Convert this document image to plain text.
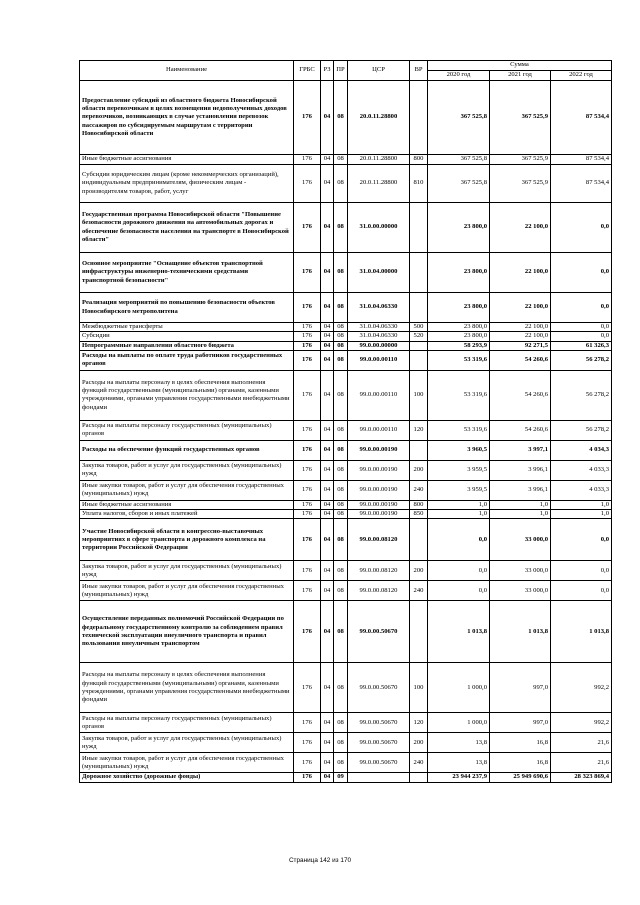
Наименование	ГРБС	РЗ	ПР	ЦСР	ВР	Сумма		
						2020 год	2021 год	2022 год
Предоставление субсидий из областного бюджета Новосибирской области перевозчикам в целях возмещения недополученных доходов перевозчиков, возникающих в случае установления перевозок пассажиров по субсидируемым маршрутам с территории Новосибирской области	176	04	08	20.0.11.28800		367 525,8	367 525,9	87 534,4
Иные бюджетные ассигнования	176	04	08	20.0.11.28800	800	367 525,8	367 525,9	87 534,4
Субсидии юридическим лицам (кроме некоммерческих организаций), индивидуальным предпринимателям, физическим лицам - производителям товаров, работ, услуг	176	04	08	20.0.11.28800	810	367 525,8	367 525,9	87 534,4
Государственная программа Новосибирской области "Повышение безопасности дорожного движения на автомобильных дорогах и обеспечение безопасности населения на транспорте в Новосибирской области"	176	04	08	31.0.00.00000		23 800,0	22 100,0	0,0
Основное мероприятие "Оснащение объектов транспортной инфраструктуры инженерно-техническими средствами транспортной безопасности"	176	04	08	31.0.04.00000		23 800,0	22 100,0	0,0
Реализация мероприятий по повышению безопасности объектов Новосибирского метрополитена	176	04	08	31.0.04.06330		23 800,0	22 100,0	0,0
Межбюджетные трансферты	176	04	08	31.0.04.06330	500	23 800,0	22 100,0	0,0
Субсидии	176	04	08	31.0.04.06330	520	23 800,0	22 100,0	0,0
Непрограммные направления областного бюджета	176	04	08	99.0.00.00000		58 293,9	92 271,5	61 326,3
Расходы на выплаты по оплате труда работников государственных органов	176	04	08	99.0.00.00110		53 319,6	54 260,6	56 278,2
Расходы на выплаты персоналу в целях обеспечения выполнения функций государственными (муниципальными) органами, казенными учреждениями, органами управления государственными внебюджетными фондами	176	04	08	99.0.00.00110	100	53 319,6	54 260,6	56 278,2
Расходы на выплаты персоналу государственных (муниципальных) органов	176	04	08	99.0.00.00110	120	53 319,6	54 260,6	56 278,2
Расходы на обеспечение функций государственных органов	176	04	08	99.0.00.00190		3 960,5	3 997,1	4 034,3
Закупка товаров, работ и услуг для государственных (муниципальных) нужд	176	04	08	99.0.00.00190	200	3 959,5	3 996,1	4 033,3
Иные закупки товаров, работ и услуг для обеспечения государственных (муниципальных) нужд	176	04	08	99.0.00.00190	240	3 959,5	3 996,1	4 033,3
Иные бюджетные ассигнования	176	04	08	99.0.00.00190	800	1,0	1,0	1,0
Уплата налогов, сборов и иных платежей	176	04	08	99.0.00.00190	850	1,0	1,0	1,0
Участие Новосибирской области в конгрессно-выставочных мероприятиях в сфере транспорта и дорожного комплекса на территории Российской Федерации	176	04	08	99.0.00.08120		0,0	33 000,0	0,0
Закупка товаров, работ и услуг для государственных (муниципальных) нужд	176	04	08	99.0.00.08120	200	0,0	33 000,0	0,0
Иные закупки товаров, работ и услуг для обеспечения государственных (муниципальных) нужд	176	04	08	99.0.00.08120	240	0,0	33 000,0	0,0
Осуществление переданных полномочий Российской Федерации по федеральному государственному контролю за соблюдением правил технической эксплуатации внеуличного транспорта и правил пользования внеуличным транспортом	176	04	08	99.0.00.50670		1 013,8	1 013,8	1 013,8
Расходы на выплаты персоналу в целях обеспечения выполнения функций государственными (муниципальными) органами, казенными учреждениями, органами управления государственными внебюджетными фондами	176	04	08	99.0.00.50670	100	1 000,0	997,0	992,2
Расходы на выплаты персоналу государственных (муниципальных) органов	176	04	08	99.0.00.50670	120	1 000,0	997,0	992,2
Закупка товаров, работ и услуг для государственных (муниципальных) нужд	176	04	08	99.0.00.50670	200	13,8	16,8	21,6
Иные закупки товаров, работ и услуг для обеспечения государственных (муниципальных) нужд	176	04	08	99.0.00.50670	240	13,8	16,8	21,6
Дорожное хозяйство (дорожные фонды)	176	04	09			23 944 237,9	25 949 690,6	28 323 869,4
Страница 142 из 170
